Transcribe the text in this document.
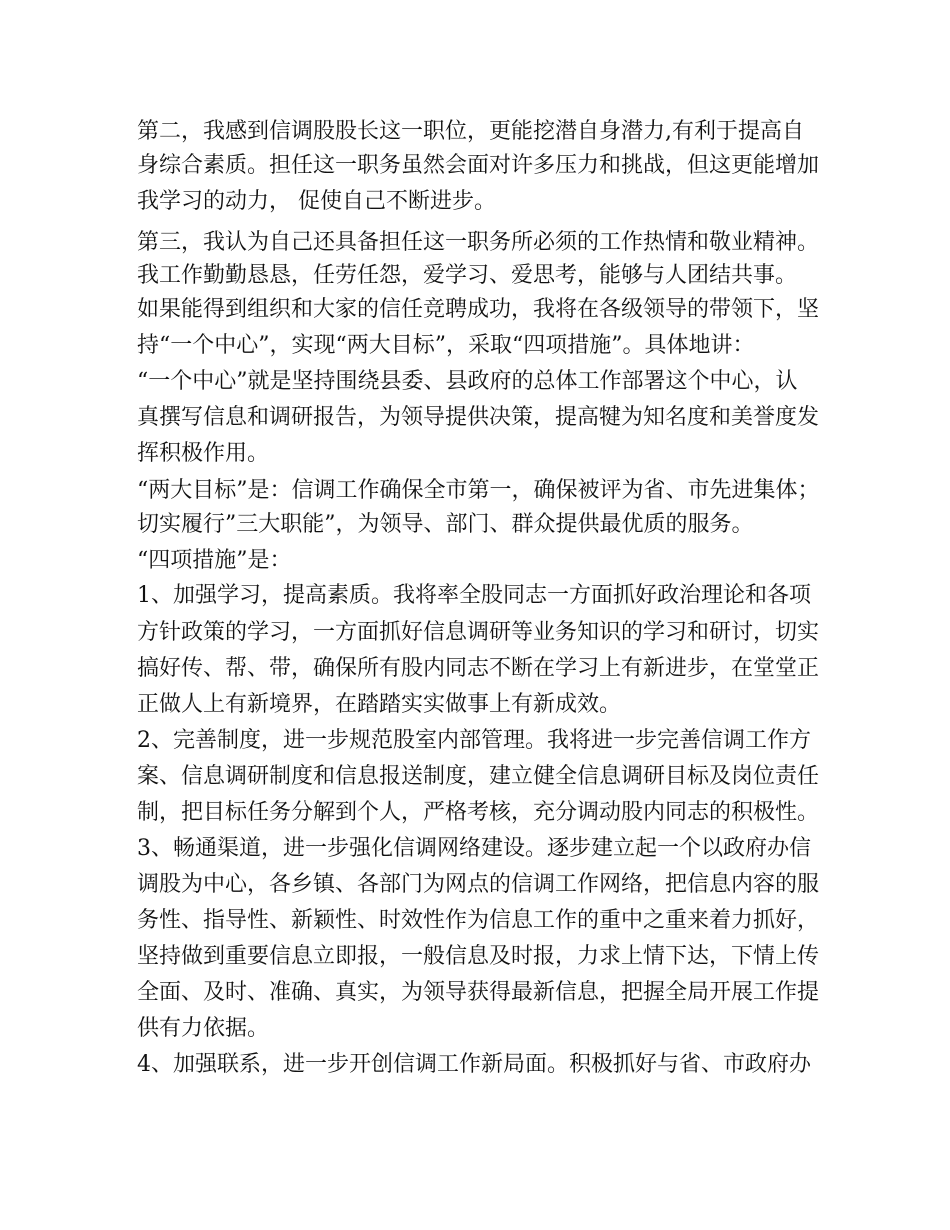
第二，我感到信调股股长这一职位，更能挖潜自身潜力,有利于提高自
身综合素质。担任这一职务虽然会面对许多压力和挑战，但这更能增加
我学习的动力， 促使自己不断进步。
第三，我认为自己还具备担任这一职务所必须的工作热情和敬业精神。
我工作勤勤恳恳，任劳任怨，爱学习、爱思考，能够与人团结共事。
如果能得到组织和大家的信任竞聘成功，我将在各级领导的带领下，坚
持“一个中心”，实现“两大目标”，采取“四项措施”。具体地讲：
“一个中心”就是坚持围绕县委、县政府的总体工作部署这个中心，认
真撰写信息和调研报告，为领导提供决策，提高犍为知名度和美誉度发
挥积极作用。
“两大目标”是：信调工作确保全市第一，确保被评为省、市先进集体；
切实履行”三大职能”，为领导、部门、群众提供最优质的服务。
“四项措施”是：
1、加强学习，提高素质。我将率全股同志一方面抓好政治理论和各项
方针政策的学习，一方面抓好信息调研等业务知识的学习和研讨，切实
搞好传、帮、带，确保所有股内同志不断在学习上有新进步，在堂堂正
正做人上有新境界，在踏踏实实做事上有新成效。
2、完善制度，进一步规范股室内部管理。我将进一步完善信调工作方
案、信息调研制度和信息报送制度，建立健全信息调研目标及岗位责任
制，把目标任务分解到个人，严格考核，充分调动股内同志的积极性。
3、畅通渠道，进一步强化信调网络建设。逐步建立起一个以政府办信
调股为中心，各乡镇、各部门为网点的信调工作网络，把信息内容的服
务性、指导性、新颖性、时效性作为信息工作的重中之重来着力抓好，
坚持做到重要信息立即报，一般信息及时报，力求上情下达，下情上传
全面、及时、准确、真实，为领导获得最新信息，把握全局开展工作提
供有力依据。
4、加强联系，进一步开创信调工作新局面。积极抓好与省、市政府办
